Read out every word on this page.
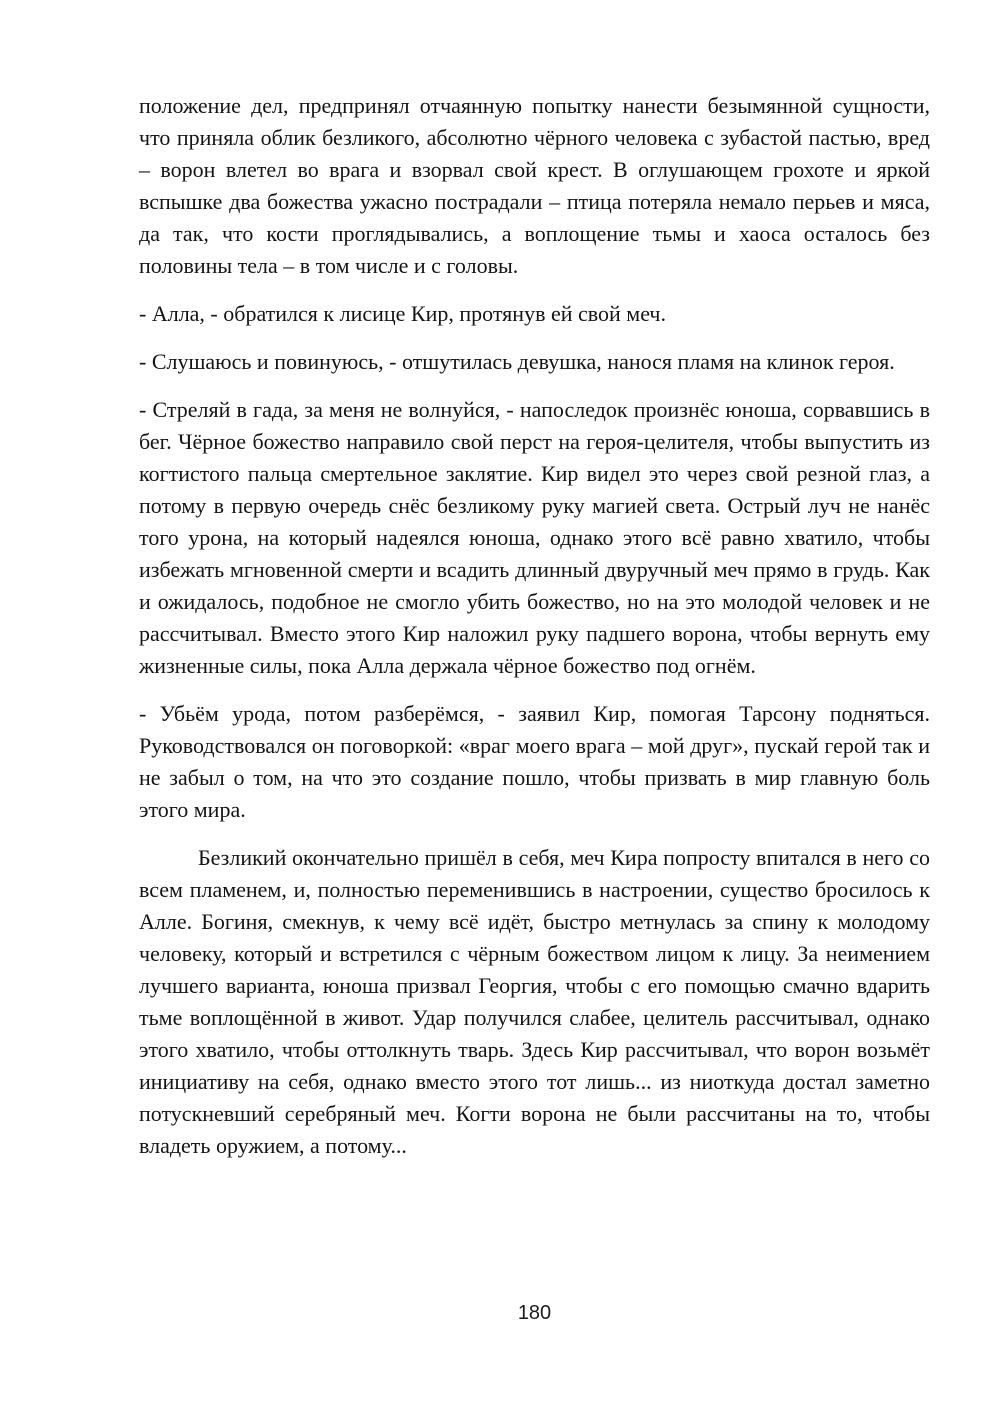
положение дел, предпринял отчаянную попытку нанести безымянной сущности, что приняла облик безликого, абсолютно чёрного человека с зубастой пастью, вред – ворон влетел во врага и взорвал свой крест. В оглушающем грохоте и яркой вспышке два божества ужасно пострадали – птица потеряла немало перьев и мяса, да так, что кости проглядывались, а воплощение тьмы и хаоса осталось без половины тела – в том числе и с головы.

- Алла, - обратился к лисице Кир, протянув ей свой меч.

- Слушаюсь и повинуюсь, - отшутилась девушка, нанося пламя на клинок героя.

- Стреляй в гада, за меня не волнуйся, - напоследок произнёс юноша, сорвавшись в бег. Чёрное божество направило свой перст на героя-целителя, чтобы выпустить из когтистого пальца смертельное заклятие. Кир видел это через свой резной глаз, а потому в первую очередь снёс безликому руку магией света. Острый луч не нанёс того урона, на который надеялся юноша, однако этого всё равно хватило, чтобы избежать мгновенной смерти и всадить длинный двуручный меч прямо в грудь. Как и ожидалось, подобное не смогло убить божество, но на это молодой человек и не рассчитывал. Вместо этого Кир наложил руку падшего ворона, чтобы вернуть ему жизненные силы, пока Алла держала чёрное божество под огнём.

- Убьём урода, потом разберёмся, - заявил Кир, помогая Тарсону подняться. Руководствовался он поговоркой: «враг моего врага – мой друг», пускай герой так и не забыл о том, на что это создание пошло, чтобы призвать в мир главную боль этого мира.

Безликий окончательно пришёл в себя, меч Кира попросту впитался в него со всем пламенем, и, полностью переменившись в настроении, существо бросилось к Алле. Богиня, смекнув, к чему всё идёт, быстро метнулась за спину к молодому человеку, который и встретился с чёрным божеством лицом к лицу. За неимением лучшего варианта, юноша призвал Георгия, чтобы с его помощью смачно вдарить тьме воплощённой в живот. Удар получился слабее, целитель рассчитывал, однако этого хватило, чтобы оттолкнуть тварь. Здесь Кир рассчитывал, что ворон возьмёт инициативу на себя, однако вместо этого тот лишь... из ниоткуда достал заметно потускневший серебряный меч. Когти ворона не были рассчитаны на то, чтобы владеть оружием, а потому...

180
